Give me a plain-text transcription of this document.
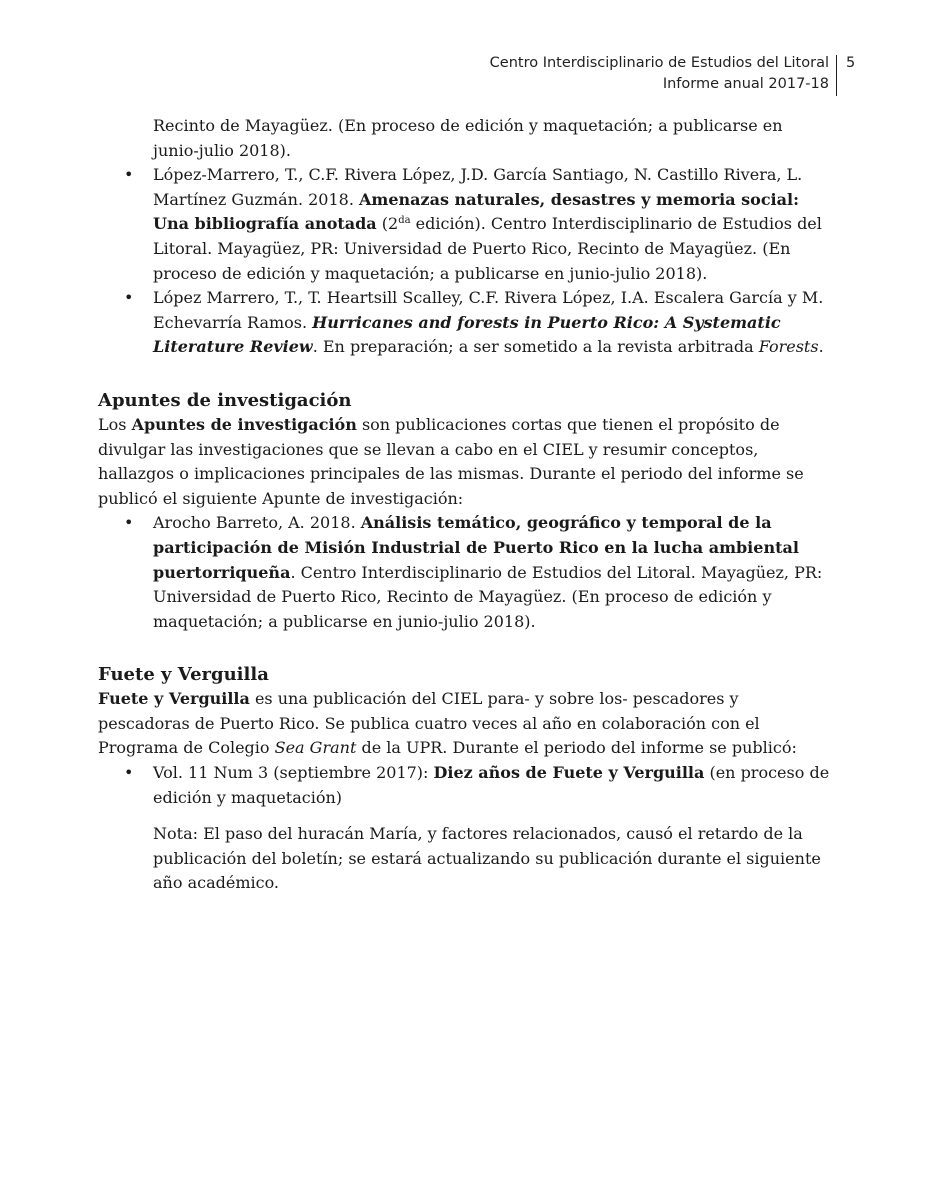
Centro Interdisciplinario de Estudios del Litoral
Informe anual 2017-18
5

Recinto de Mayagüez. (En proceso de edición y maquetación; a publicarse en junio-julio 2018).

• López-Marrero, T., C.F. Rivera López, J.D. García Santiago, N. Castillo Rivera, L. Martínez Guzmán. 2018. Amenazas naturales, desastres y memoria social: Una bibliografía anotada ($2^{da}$ edición). Centro Interdisciplinario de Estudios del Litoral. Mayagüez, PR: Universidad de Puerto Rico, Recinto de Mayagüez. (En proceso de edición y maquetación; a publicarse en junio-julio 2018).
• López Marrero, T., T. Heartsill Scalley, C.F. Rivera López, I.A. Escalera García y M. Echevarría Ramos. Hurricanes and forests in Puerto Rico: A Systematic Literature Review. En preparación; a ser sometido a la revista arbitrada Forests.
Apuntes de investigación

Los Apuntes de investigación son publicaciones cortas que tienen el propósito de divulgar las investigaciones que se llevan a cabo en el CIEL y resumir conceptos, hallazgos o implicaciones principales de las mismas. Durante el periodo del informe se publicó el siguiente Apunte de investigación:

• Arocho Barreto, A. 2018. Análisis temático, geográfico y temporal de la participación de Misión Industrial de Puerto Rico en la lucha ambiental puertorriqueña. Centro Interdisciplinario de Estudios del Litoral. Mayagüez, PR: Universidad de Puerto Rico, Recinto de Mayagüez. (En proceso de edición y maquetación; a publicarse en junio-julio 2018).
Fuete y Verguilla

Fuete y Verguilla es una publicación del CIEL para- y sobre los- pescadores y pescadoras de Puerto Rico. Se publica cuatro veces al año en colaboración con el Programa de Colegio Sea Grant de la UPR. Durante el periodo del informe se publicó:

• Vol. 11 Num 3 (septiembre 2017): Diez años de Fuete y Verguilla (en proceso de edición y maquetación)

Nota: El paso del huracán María, y factores relacionados, causó el retardo de la publicación del boletín; se estará actualizando su publicación durante el siguiente año académico.
